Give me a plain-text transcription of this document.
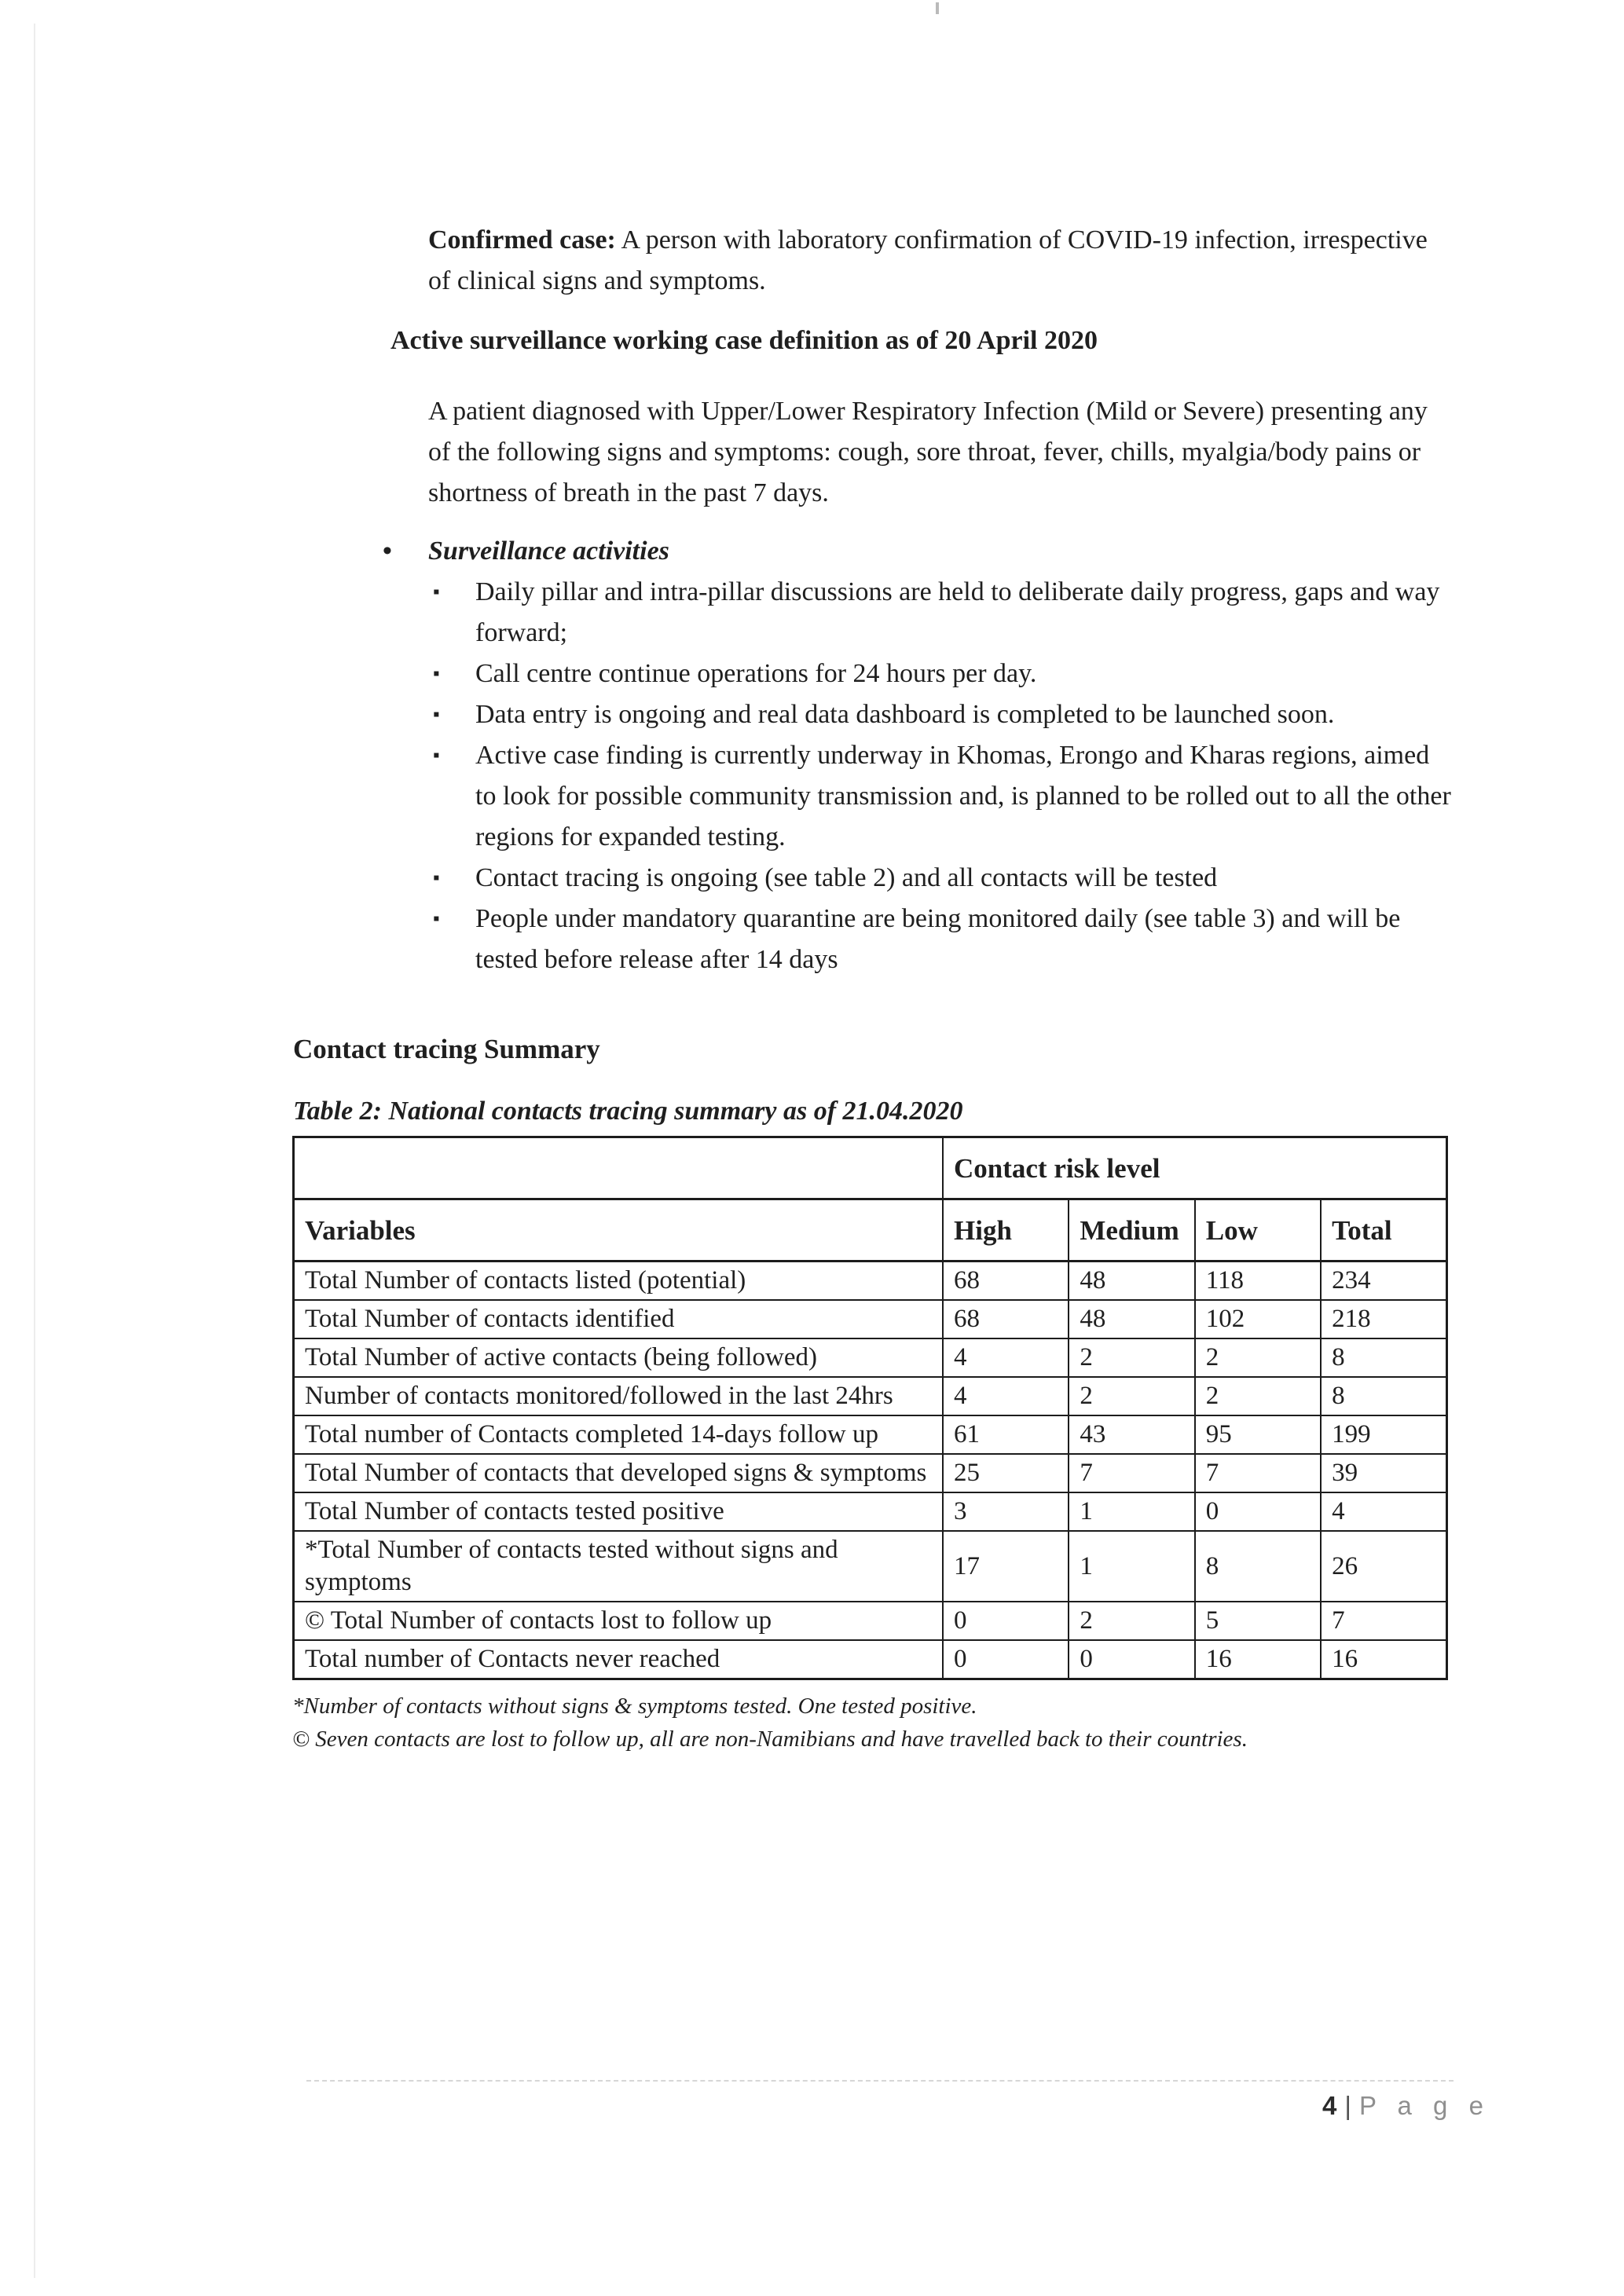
Confirmed case: A person with laboratory confirmation of COVID-19 infection, irrespective of clinical signs and symptoms.

Active surveillance working case definition as of 20 April 2020

A patient diagnosed with Upper/Lower Respiratory Infection (Mild or Severe) presenting any of the following signs and symptoms: cough, sore throat, fever, chills, myalgia/body pains or shortness of breath in the past 7 days.

• Surveillance activities
▪ Daily pillar and intra-pillar discussions are held to deliberate daily progress, gaps and way forward;
▪ Call centre continue operations for 24 hours per day.
▪ Data entry is ongoing and real data dashboard is completed to be launched soon.
▪ Active case finding is currently underway in Khomas, Erongo and Kharas regions, aimed to look for possible community transmission and, is planned to be rolled out to all the other regions for expanded testing.
▪ Contact tracing is ongoing (see table 2) and all contacts will be tested
▪ People under mandatory quarantine are being monitored daily (see table 3) and will be tested before release after 14 days
Contact tracing Summary
Table 2: National contacts tracing summary as of 21.04.2020
	Contact risk level			
Variables	High	Medium	Low	Total
Total Number of contacts listed (potential)	68	48	118	234
Total Number of contacts identified	68	48	102	218
Total Number of active contacts (being followed)	4	2	2	8
Number of contacts monitored/followed in the last 24hrs	4	2	2	8
Total number of Contacts completed 14-days follow up	61	43	95	199
Total Number of contacts that developed signs & symptoms	25	7	7	39
Total Number of contacts tested positive	3	1	0	4
*Total Number of contacts tested without signs and symptoms	17	1	8	26
© Total Number of contacts lost to follow up	0	2	5	7
Total number of Contacts never reached	0	0	16	16
*Number of contacts without signs & symptoms tested. One tested positive.
© Seven contacts are lost to follow up, all are non-Namibians and have travelled back to their countries.
4 | P a g e
